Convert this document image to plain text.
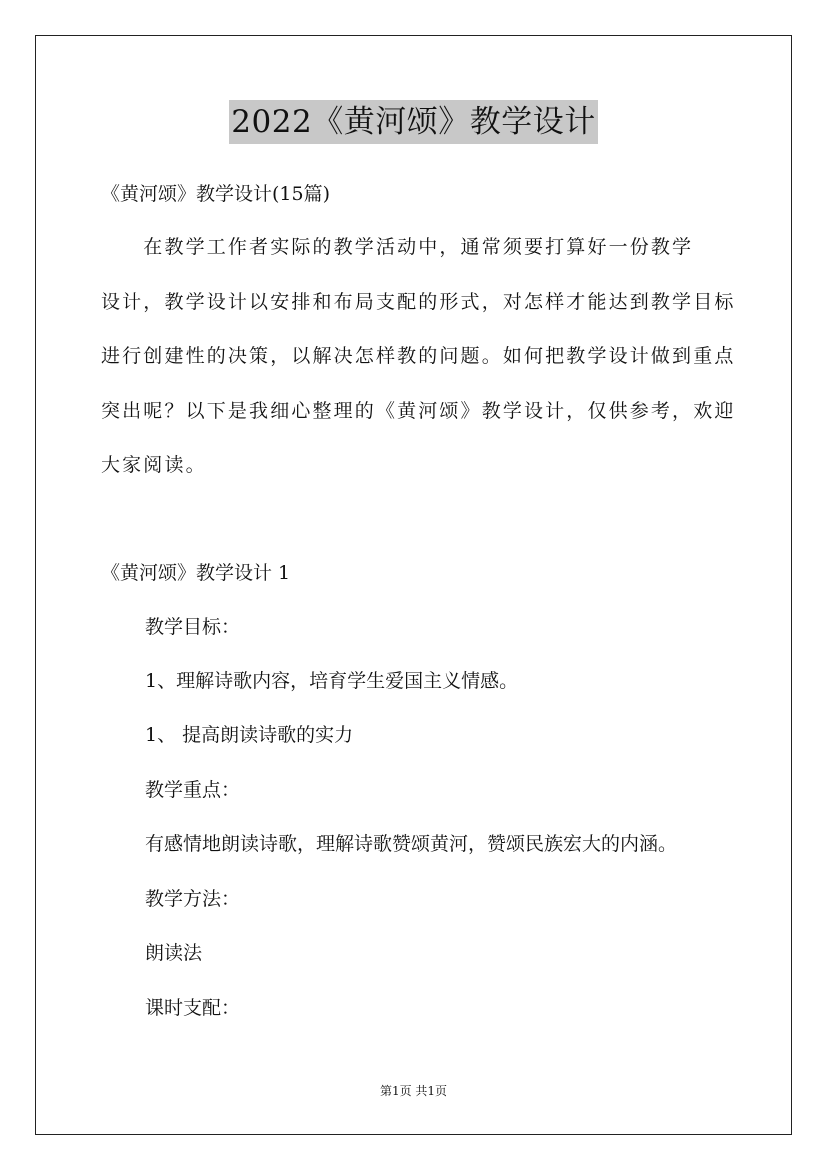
2022《黄河颂》教学设计
《黄河颂》教学设计(15篇)
　　在教学工作者实际的教学活动中，通常须要打算好一份教学
设计，教学设计以安排和布局支配的形式，对怎样才能达到教学目标
进行创建性的决策，以解决怎样教的问题。如何把教学设计做到重点
突出呢？以下是我细心整理的《黄河颂》教学设计，仅供参考，欢迎
大家阅读。
《黄河颂》教学设计 1
教学目标：
1、理解诗歌内容，培育学生爱国主义情感。
1、 提高朗读诗歌的实力
教学重点：
有感情地朗读诗歌，理解诗歌赞颂黄河，赞颂民族宏大的内涵。
教学方法：
朗读法
课时支配：
第1页 共1页
